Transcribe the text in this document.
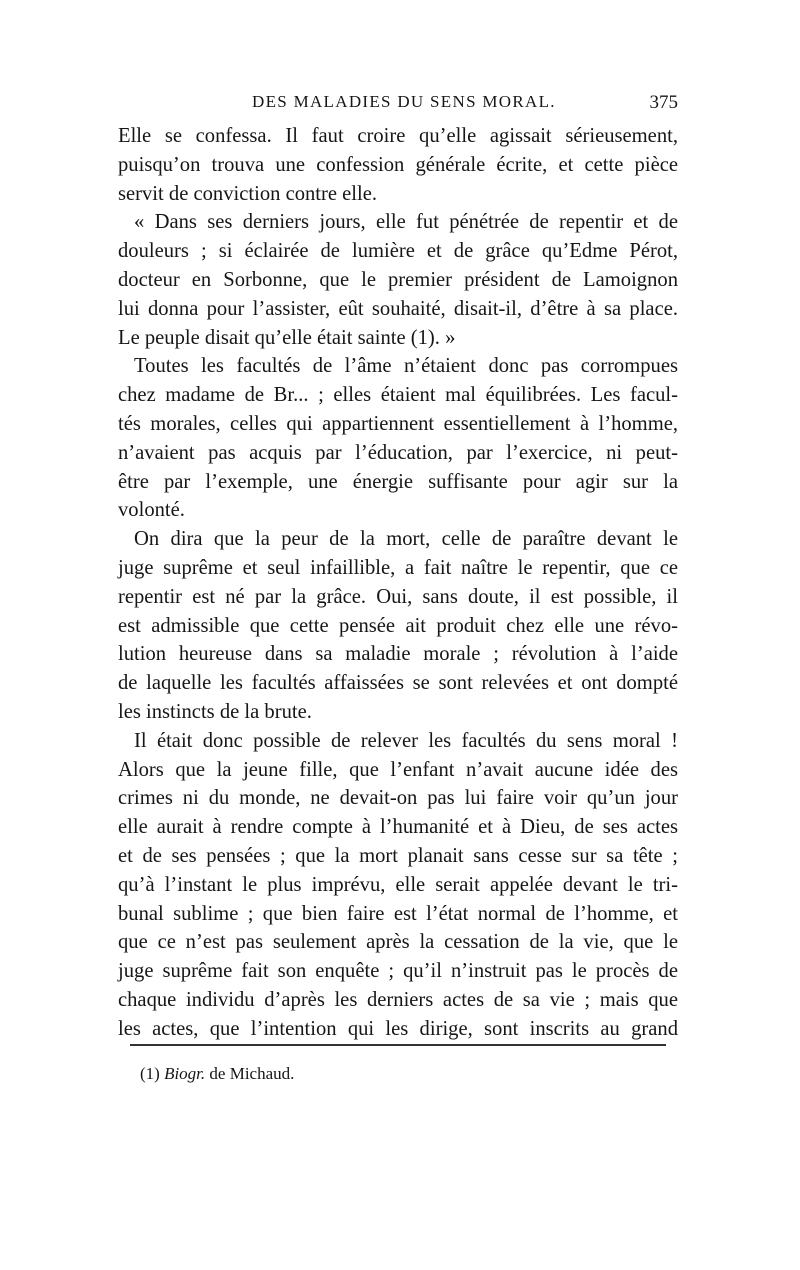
DES MALADIES DU SENS MORAL.	375
Elle se confessa. Il faut croire qu’elle agissait sérieusement,
puisqu’on trouva une confession générale écrite, et cette pièce
servit de conviction contre elle.
« Dans ses derniers jours, elle fut pénétrée de repentir et de
douleurs ; si éclairée de lumière et de grâce qu’Edme Pérot,
docteur en Sorbonne, que le premier président de Lamoignon
lui donna pour l’assister, eût souhaité, disait-il, d’être à sa place.
Le peuple disait qu’elle était sainte (1). »
Toutes les facultés de l’âme n’étaient donc pas corrompues
chez madame de Br... ; elles étaient mal équilibrées. Les facul-
tés morales, celles qui appartiennent essentiellement à l’homme,
n’avaient pas acquis par l’éducation, par l’exercice, ni peut-
être par l’exemple, une énergie suffisante pour agir sur la
volonté.
On dira que la peur de la mort, celle de paraître devant le
juge suprême et seul infaillible, a fait naître le repentir, que ce
repentir est né par la grâce. Oui, sans doute, il est possible, il
est admissible que cette pensée ait produit chez elle une révo-
lution heureuse dans sa maladie morale ; révolution à l’aide
de laquelle les facultés affaissées se sont relevées et ont dompté
les instincts de la brute.
Il était donc possible de relever les facultés du sens moral !
Alors que la jeune fille, que l’enfant n’avait aucune idée des
crimes ni du monde, ne devait-on pas lui faire voir qu’un jour
elle aurait à rendre compte à l’humanité et à Dieu, de ses actes
et de ses pensées ; que la mort planait sans cesse sur sa tête ;
qu’à l’instant le plus imprévu, elle serait appelée devant le tri-
bunal sublime ; que bien faire est l’état normal de l’homme, et
que ce n’est pas seulement après la cessation de la vie, que le
juge suprême fait son enquête ; qu’il n’instruit pas le procès de
chaque individu d’après les derniers actes de sa vie ; mais que
les actes, que l’intention qui les dirige, sont inscrits au grand
(1) Biogr. de Michaud.
